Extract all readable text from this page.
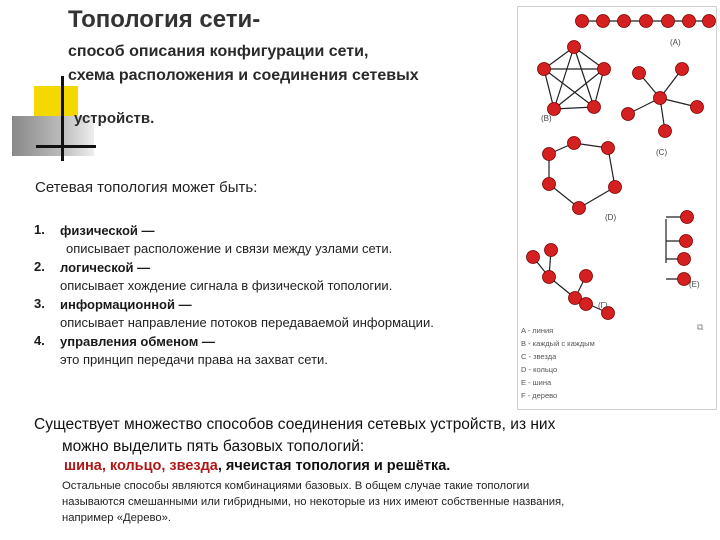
Топология сети-
способ описания конфигурации сети,
схема расположения и соединения сетевых
устройств.
Сетевая топология может быть:
1. физической —
описывает расположение и связи между узлами сети.
2. логической —
описывает хождение сигнала в физической топологии.
3. информационной —
описывает направление потоков передаваемой информации.
4. управления обменом —
это принцип передачи права на захват сети.
Существует множество способов соединения сетевых устройств, из них
можно выделить пять базовых топологий:
шина, кольцо, звезда, ячеистая топология и решётка.
Остальные способы являются комбинациями базовых. В общем случае такие топологии
называются смешанными или гибридными, но некоторые из них имеют собственные названия,
например «Дерево».
(A)
(B)
(C)
(D)
(E)
(Г)
A - линия
B - каждый с каждым
C - звезда
D - кольцо
E - шина
F - дерево
⧉
